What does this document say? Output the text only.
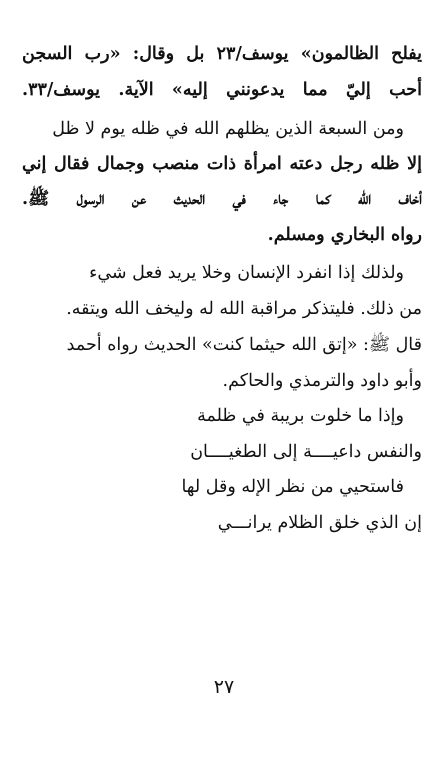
يفلح الظالمون» يوسف/٢٣ بل وقال: «رب السجن
أحب إليّ مما يدعونني إليه» الآية. يوسف/٣٣.
ومن السبعة الذين يظلهم الله في ظله يوم لا ظل
إلا ظله رجل دعته امرأة ذات منصب وجمال فقال إني
أخاف الله كما جاء في الحديث عن الرسول ﷺ.
رواه البخاري ومسلم.
ولذلك إذا انفرد الإنسان وخلا يريد فعل شيء
من ذلك. فليتذكر مراقبة الله له وليخف الله ويتقه.
قال ﷺ: «إتق الله حيثما كنت» الحديث رواه أحمد
وأبو داود والترمذي والحاكم.
وإذا ما خلوت بريبة في ظلمة
والنفس داعيــــة إلى الطغيــــان
فاستحيي من نظر الإله وقل لها
إن الذي خلق الظلام يرانـــي
٢٧
